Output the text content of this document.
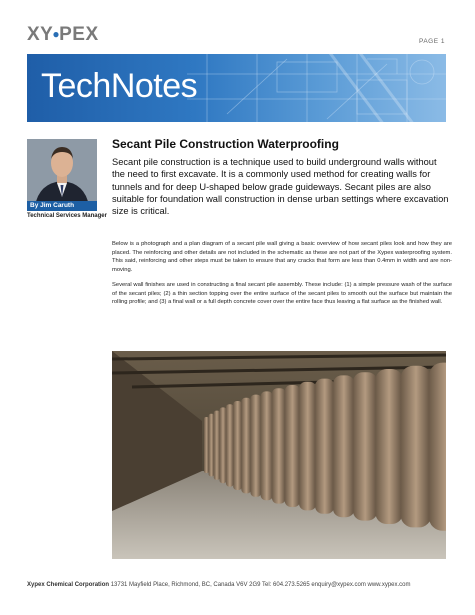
XY●PEX	PAGE 1
TechNotes
By Jim Caruth
Technical Services Manager
Secant Pile Construction Waterproofing
Secant pile construction is a technique used to build underground walls without the need to first excavate. It is a commonly used method for creating walls for tunnels and for deep U-shaped below grade guideways. Secant piles are also suitable for foundation wall construction in dense urban settings where excavation size is critical.
Below is a photograph and a plan diagram of a secant pile wall giving a basic overview of how secant piles look and how they are placed. The reinforcing and other details are not included in the schematic as these are not part of the Xypex waterproofing system. This said, reinforcing and other steps must be taken to ensure that any cracks that form are less than 0.4mm in width and are non-moving.
Several wall finishes are used in constructing a final secant pile assembly. These include: (1) a simple pressure wash of the surface of the secant piles; (2) a thin section topping over the entire surface of the secant piles to smooth out the surface but maintain the rolling profile; and (3) a final wall or a full depth concrete cover over the entire face thus leaving a flat surface as the finished wall.
Xypex Chemical Corporation 13731 Mayfield Place, Richmond, BC, Canada V6V 2G9 Tel: 604.273.5265 enquiry@xypex.com www.xypex.com
